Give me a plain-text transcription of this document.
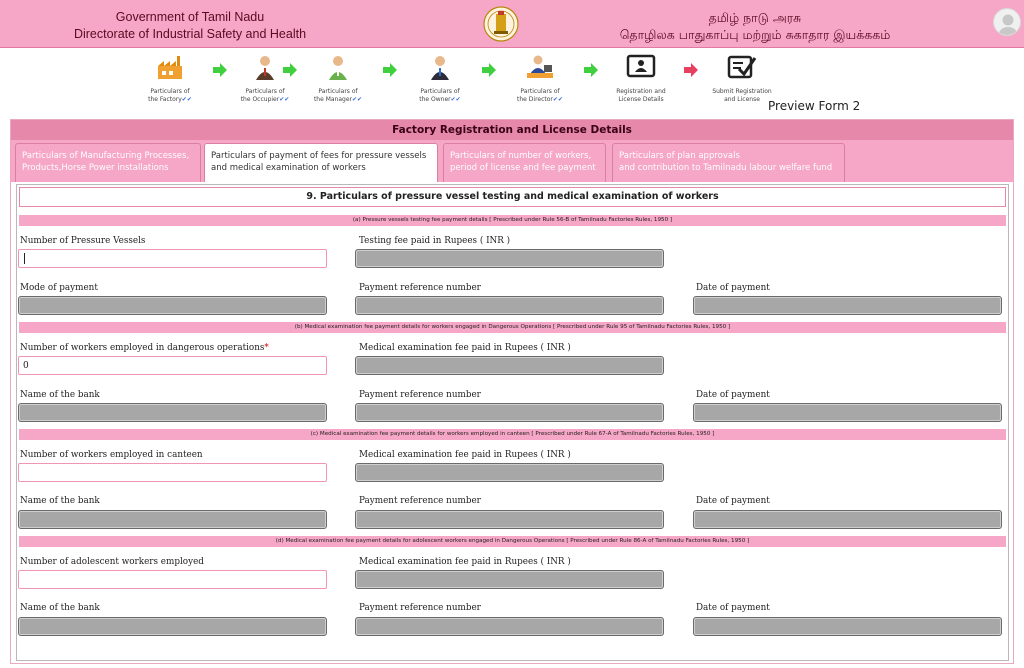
Government of Tamil Nadu
Directorate of Industrial Safety and Health
தமிழ் நாடு அரசு
தொழிலக பாதுகாப்பு மற்றும் சுகாதார இயக்ககம்
Particulars of
the Factory✔✔
Particulars of
the Occupier✔✔
Particulars of
the Manager✔✔
Particulars of
the Owner✔✔
Particulars of
the Director✔✔
Registration and
License Details
Submit Registration
and License Preview Form 2
Factory Registration and License Details
Particulars of Manufacturing Processes,
Products,Horse Power installations
Particulars of payment of fees for pressure vessels
and medical examination of workers
Particulars of number of workers,
period of license and fee payment
Particulars of plan approvals
and contribution to Tamilnadu labour welfare fund
9. Particulars of pressure vessel testing and medical examination of workers
(a) Pressure vessels testing fee payment details [ Prescribed under Rule 56-B of Tamilnadu Factories Rules, 1950 ]
Number of Pressure Vessels	Testing fee paid in Rupees ( INR )
Mode of payment	Payment reference number	Date of payment
(b) Medical examination fee payment details for workers engaged in Dangerous Operations [ Prescribed under Rule 95 of Tamilnadu Factories Rules, 1950 ]
Number of workers employed in dangerous operations*	Medical examination fee paid in Rupees ( INR )
0
Name of the bank	Payment reference number	Date of payment
(c) Medical examination fee payment details for workers employed in canteen [ Prescribed under Rule 67-A of Tamilnadu Factories Rules, 1950 ]
Number of workers employed in canteen	Medical examination fee paid in Rupees ( INR )
Name of the bank	Payment reference number	Date of payment
(d) Medical examination fee payment details for adolescent workers engaged in Dangerous Operations [ Prescribed under Rule 86-A of Tamilnadu Factories Rules, 1950 ]
Number of adolescent workers employed	Medical examination fee paid in Rupees ( INR )
Name of the bank	Payment reference number	Date of payment
